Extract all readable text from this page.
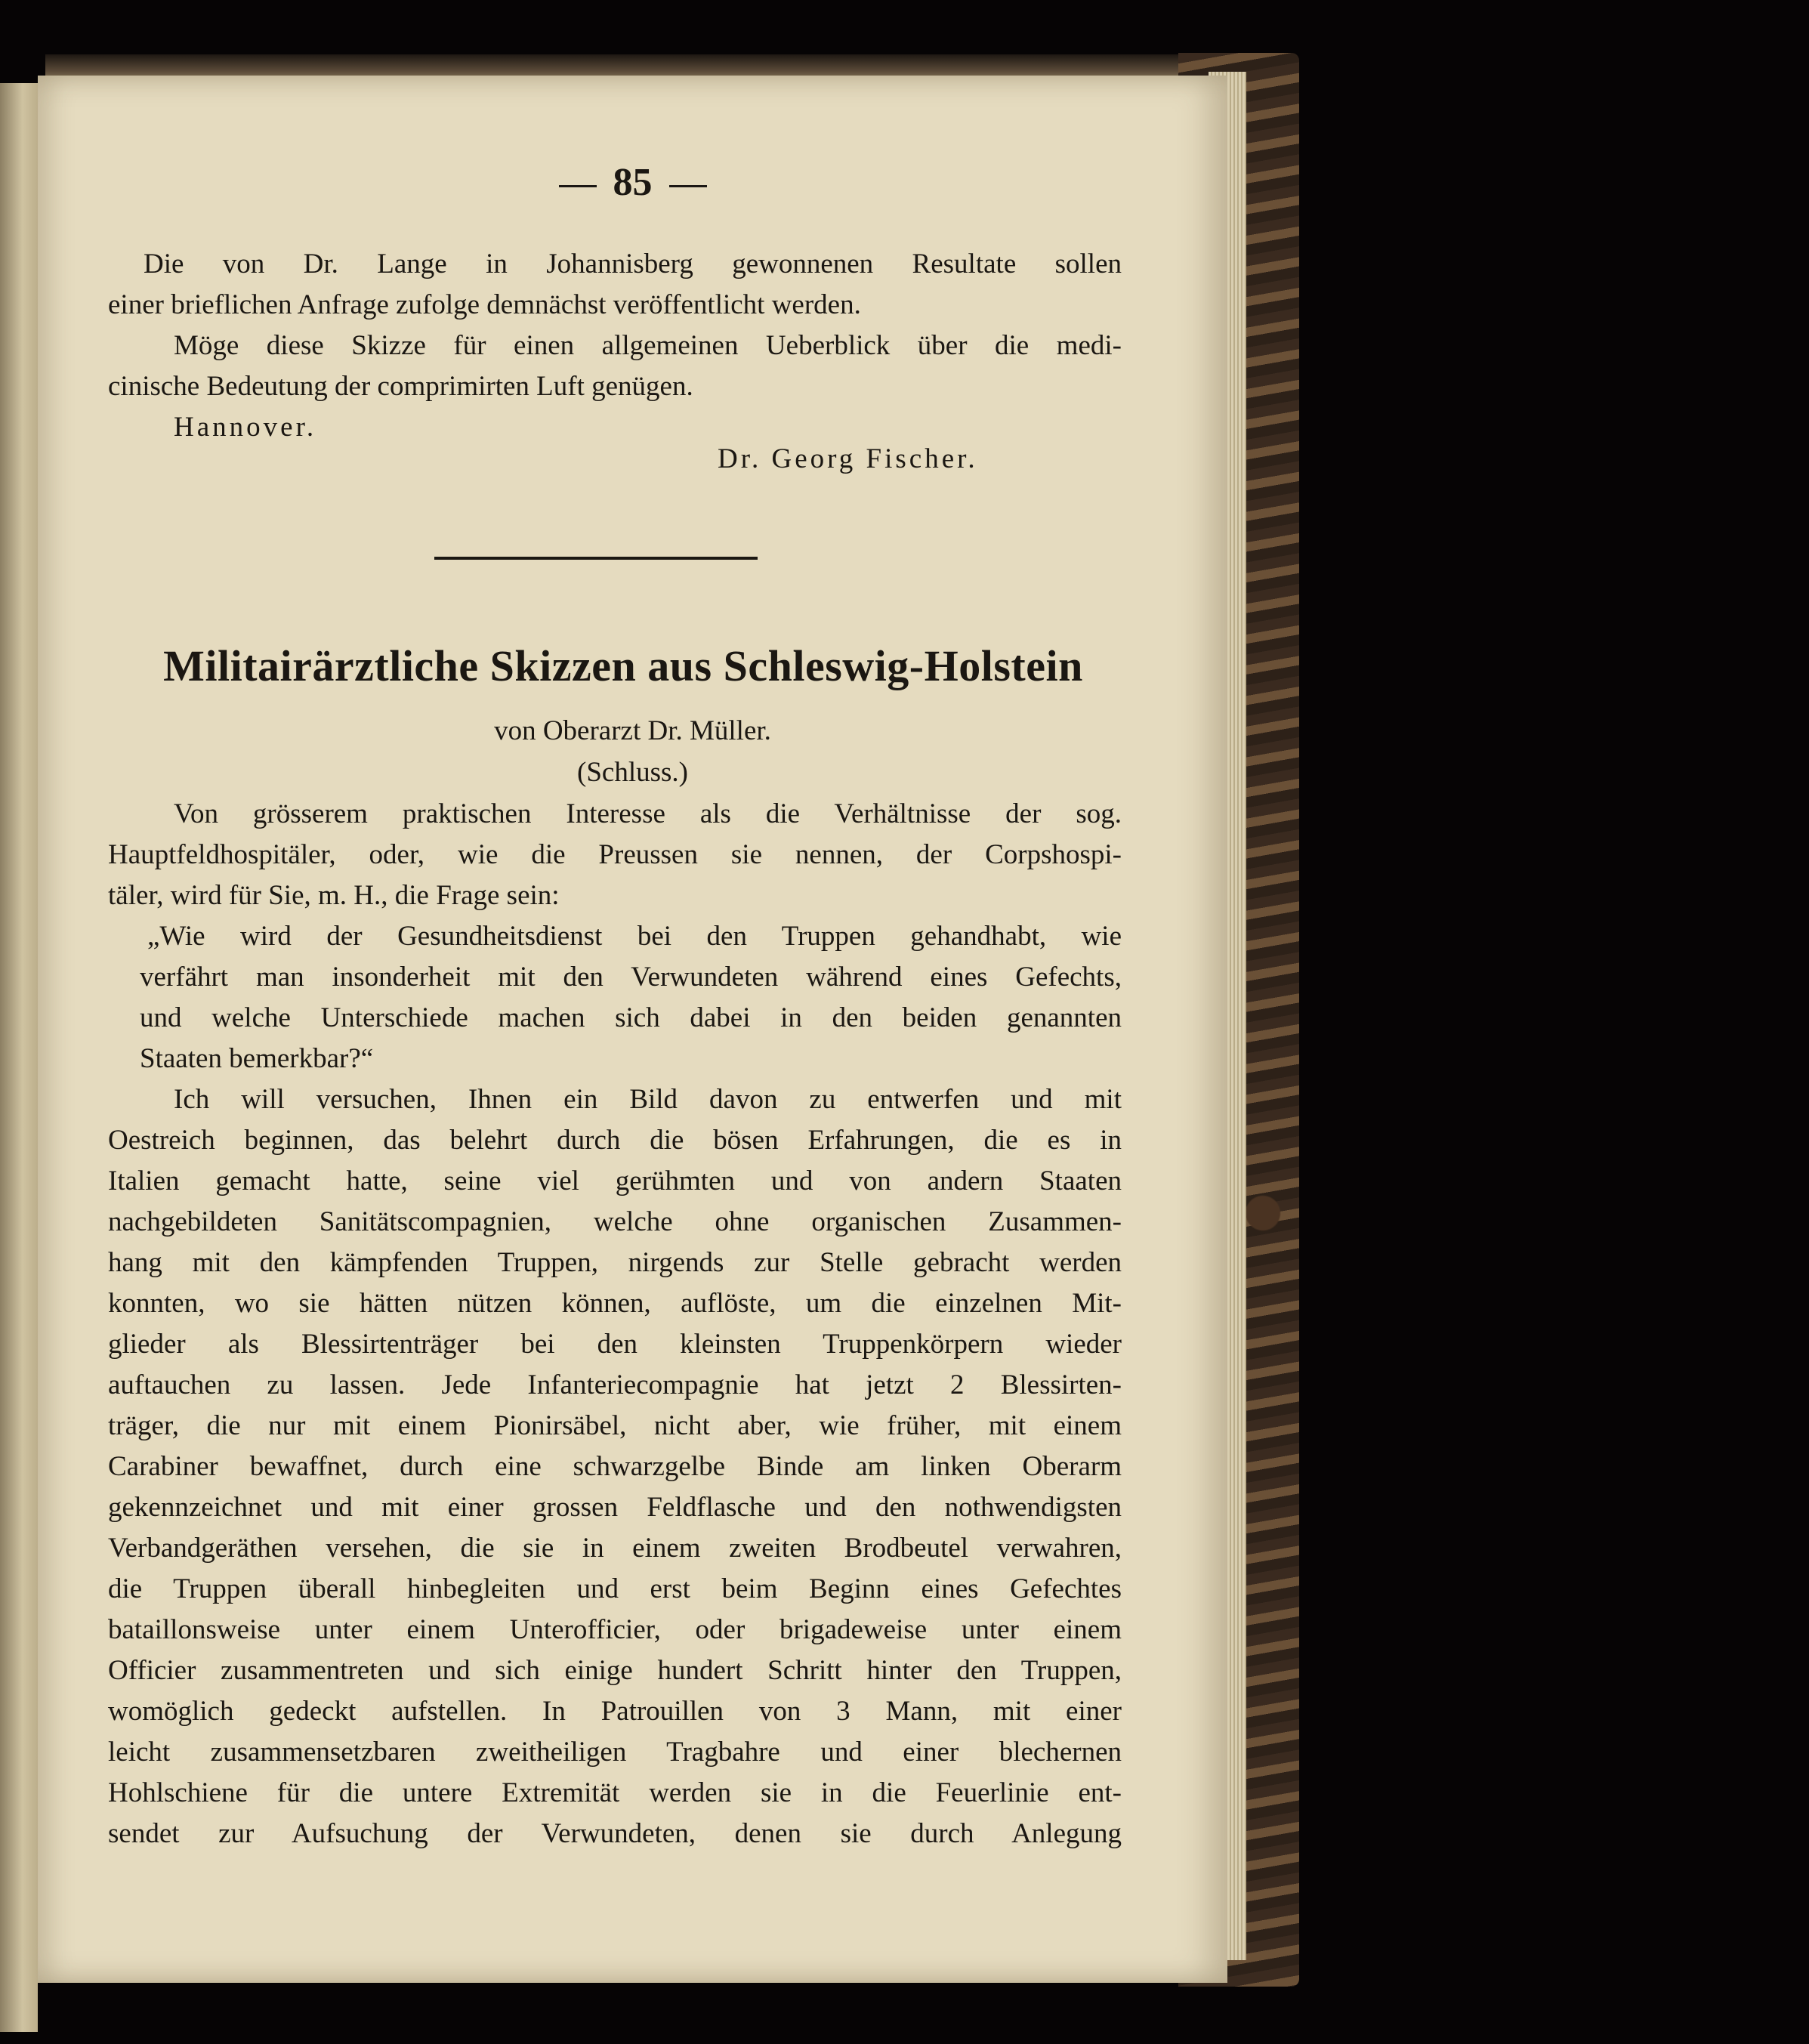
85
Die von Dr. Lange in Johannisberg gewonnenen Resultate sollen
einer brieflichen Anfrage zufolge demnächst veröffentlicht werden.
Möge diese Skizze für einen allgemeinen Ueberblick über die medi-
cinische Bedeutung der comprimirten Luft genügen.
Hannover.
Dr. Georg Fischer.
Militairärztliche Skizzen aus Schleswig-Holstein
von Oberarzt Dr. Müller.
(Schluss.)
Von grösserem praktischen Interesse als die Verhältnisse der sog.
Hauptfeldhospitäler, oder, wie die Preussen sie nennen, der Corpshospi-
täler, wird für Sie, m. H., die Frage sein:
„Wie wird der Gesundheitsdienst bei den Truppen gehandhabt, wie
verfährt man insonderheit mit den Verwundeten während eines Gefechts,
und welche Unterschiede machen sich dabei in den beiden genannten
Staaten bemerkbar?“
Ich will versuchen, Ihnen ein Bild davon zu entwerfen und mit
Oestreich beginnen, das belehrt durch die bösen Erfahrungen, die es in
Italien gemacht hatte, seine viel gerühmten und von andern Staaten
nachgebildeten Sanitätscompagnien, welche ohne organischen Zusammen-
hang mit den kämpfenden Truppen, nirgends zur Stelle gebracht werden
konnten, wo sie hätten nützen können, auflöste, um die einzelnen Mit-
glieder als Blessirtenträger bei den kleinsten Truppenkörpern wieder
auftauchen zu lassen. Jede Infanteriecompagnie hat jetzt 2 Blessirten-
träger, die nur mit einem Pionirsäbel, nicht aber, wie früher, mit einem
Carabiner bewaffnet, durch eine schwarzgelbe Binde am linken Oberarm
gekennzeichnet und mit einer grossen Feldflasche und den nothwendigsten
Verbandgeräthen versehen, die sie in einem zweiten Brodbeutel verwahren,
die Truppen überall hinbegleiten und erst beim Beginn eines Gefechtes
bataillonsweise unter einem Unterofficier, oder brigadeweise unter einem
Officier zusammentreten und sich einige hundert Schritt hinter den Truppen,
womöglich gedeckt aufstellen. In Patrouillen von 3 Mann, mit einer
leicht zusammensetzbaren zweitheiligen Tragbahre und einer blechernen
Hohlschiene für die untere Extremität werden sie in die Feuerlinie ent-
sendet zur Aufsuchung der Verwundeten, denen sie durch Anlegung
